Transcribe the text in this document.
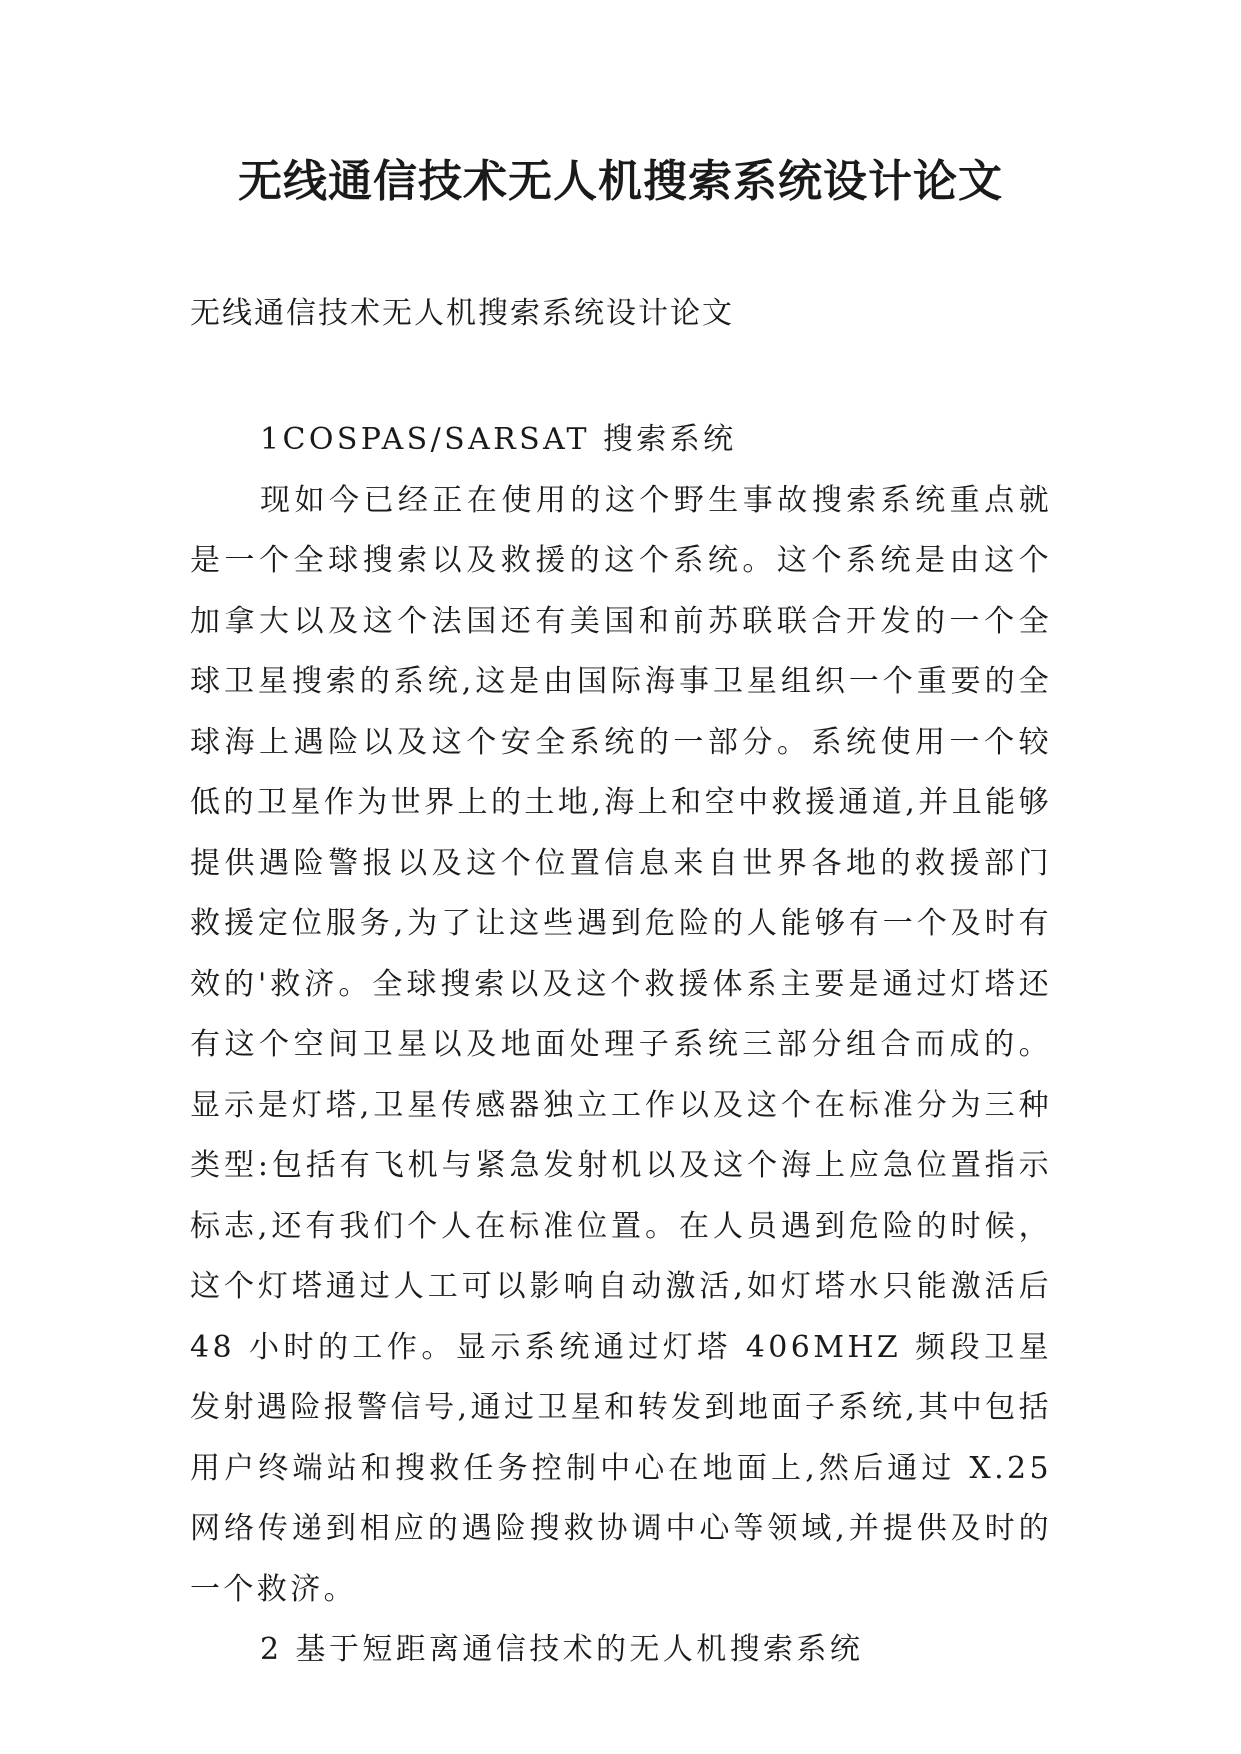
无线通信技术无人机搜索系统设计论文

无线通信技术无人机搜索系统设计论文

1COSPAS/SARSAT 搜索系统

现如今已经正在使用的这个野生事故搜索系统重点就是一个全球搜索以及救援的这个系统。这个系统是由这个加拿大以及这个法国还有美国和前苏联联合开发的一个全球卫星搜索的系统,这是由国际海事卫星组织一个重要的全球海上遇险以及这个安全系统的一部分。系统使用一个较低的卫星作为世界上的土地,海上和空中救援通道,并且能够提供遇险警报以及这个位置信息来自世界各地的救援部门救援定位服务,为了让这些遇到危险的人能够有一个及时有效的'救济。全球搜索以及这个救援体系主要是通过灯塔还有这个空间卫星以及地面处理子系统三部分组合而成的。显示是灯塔,卫星传感器独立工作以及这个在标准分为三种类型:包括有飞机与紧急发射机以及这个海上应急位置指示标志,还有我们个人在标准位置。在人员遇到危险的时候，这个灯塔通过人工可以影响自动激活,如灯塔水只能激活后 48 小时的工作。显示系统通过灯塔 406MHZ 频段卫星发射遇险报警信号,通过卫星和转发到地面子系统,其中包括用户终端站和搜救任务控制中心在地面上,然后通过 X.25 网络传递到相应的遇险搜救协调中心等领域,并提供及时的一个救济。

2 基于短距离通信技术的无人机搜索系统
